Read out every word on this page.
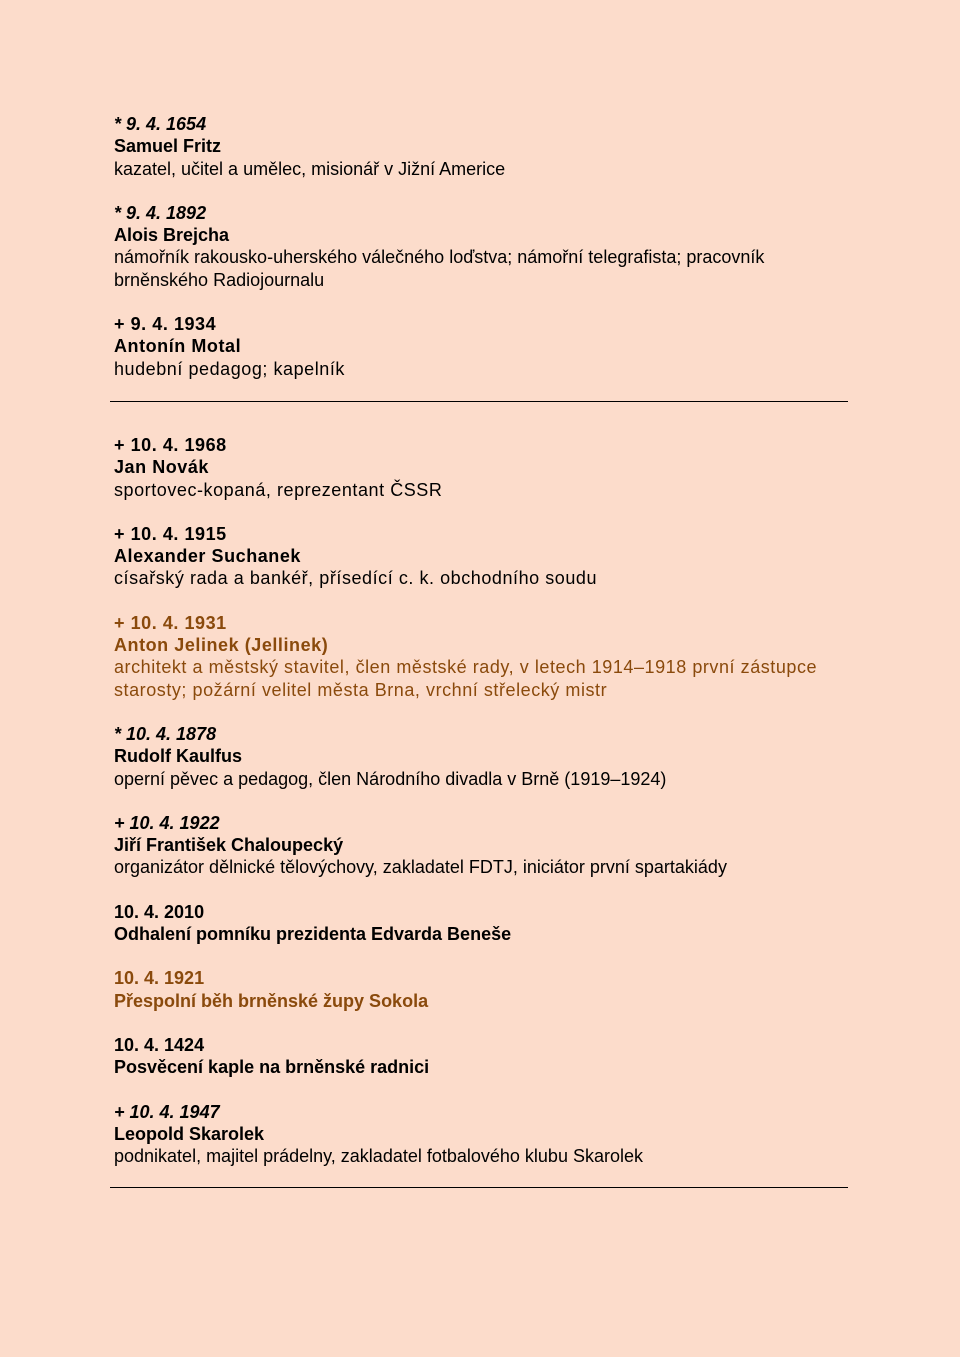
* 9. 4. 1654
Samuel Fritz
kazatel, učitel a umělec, misionář v Jižní Americe
* 9. 4. 1892
Alois Brejcha
námořník rakousko-uherského válečného loďstva; námořní telegrafista; pracovník brněnského Radiojournalu
+ 9. 4. 1934
Antonín Motal
hudební pedagog; kapelník
+ 10. 4. 1968
Jan Novák
sportovec-kopaná, reprezentant ČSSR
+ 10. 4. 1915
Alexander Suchanek
císařský rada a bankéř, přísedící c. k. obchodního soudu
+ 10. 4. 1931
Anton Jelinek (Jellinek)
architekt a městský stavitel, člen městské rady, v letech 1914–1918 první zástupce starosty; požární velitel města Brna, vrchní střelecký mistr
* 10. 4. 1878
Rudolf Kaulfus
operní pěvec a pedagog, člen Národního divadla v Brně (1919–1924)
+ 10. 4. 1922
Jiří František Chaloupecký
organizátor dělnické tělovýchovy, zakladatel FDTJ, iniciátor první spartakiády
10. 4. 2010
Odhalení pomníku prezidenta Edvarda Beneše
10. 4. 1921
Přespolní běh brněnské župy Sokola
10. 4. 1424
Posvěcení kaple na brněnské radnici
+ 10. 4. 1947
Leopold Skarolek
podnikatel, majitel prádelny, zakladatel fotbalového klubu Skarolek
